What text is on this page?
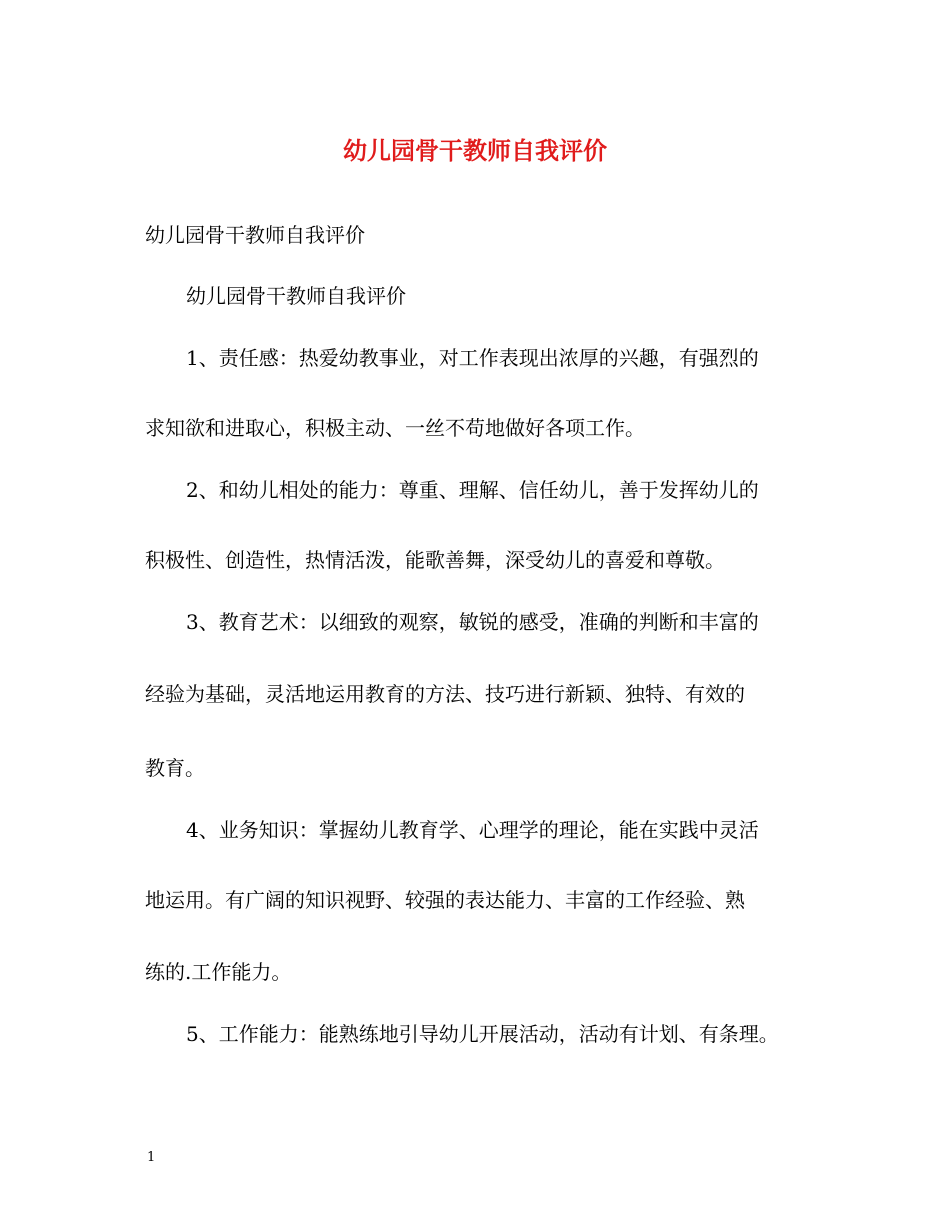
幼儿园骨干教师自我评价
幼儿园骨干教师自我评价
幼儿园骨干教师自我评价
1、责任感：热爱幼教事业，对工作表现出浓厚的兴趣，有强烈的
求知欲和进取心，积极主动、一丝不苟地做好各项工作。
2、和幼儿相处的能力：尊重、理解、信任幼儿，善于发挥幼儿的
积极性、创造性，热情活泼，能歌善舞，深受幼儿的喜爱和尊敬。
3、教育艺术：以细致的观察，敏锐的感受，准确的判断和丰富的
经验为基础，灵活地运用教育的方法、技巧进行新颖、独特、有效的
教育。
4、业务知识：掌握幼儿教育学、心理学的理论，能在实践中灵活
地运用。有广阔的知识视野、较强的表达能力、丰富的工作经验、熟
练的.工作能力。
5、工作能力：能熟练地引导幼儿开展活动，活动有计划、有条理。
1
